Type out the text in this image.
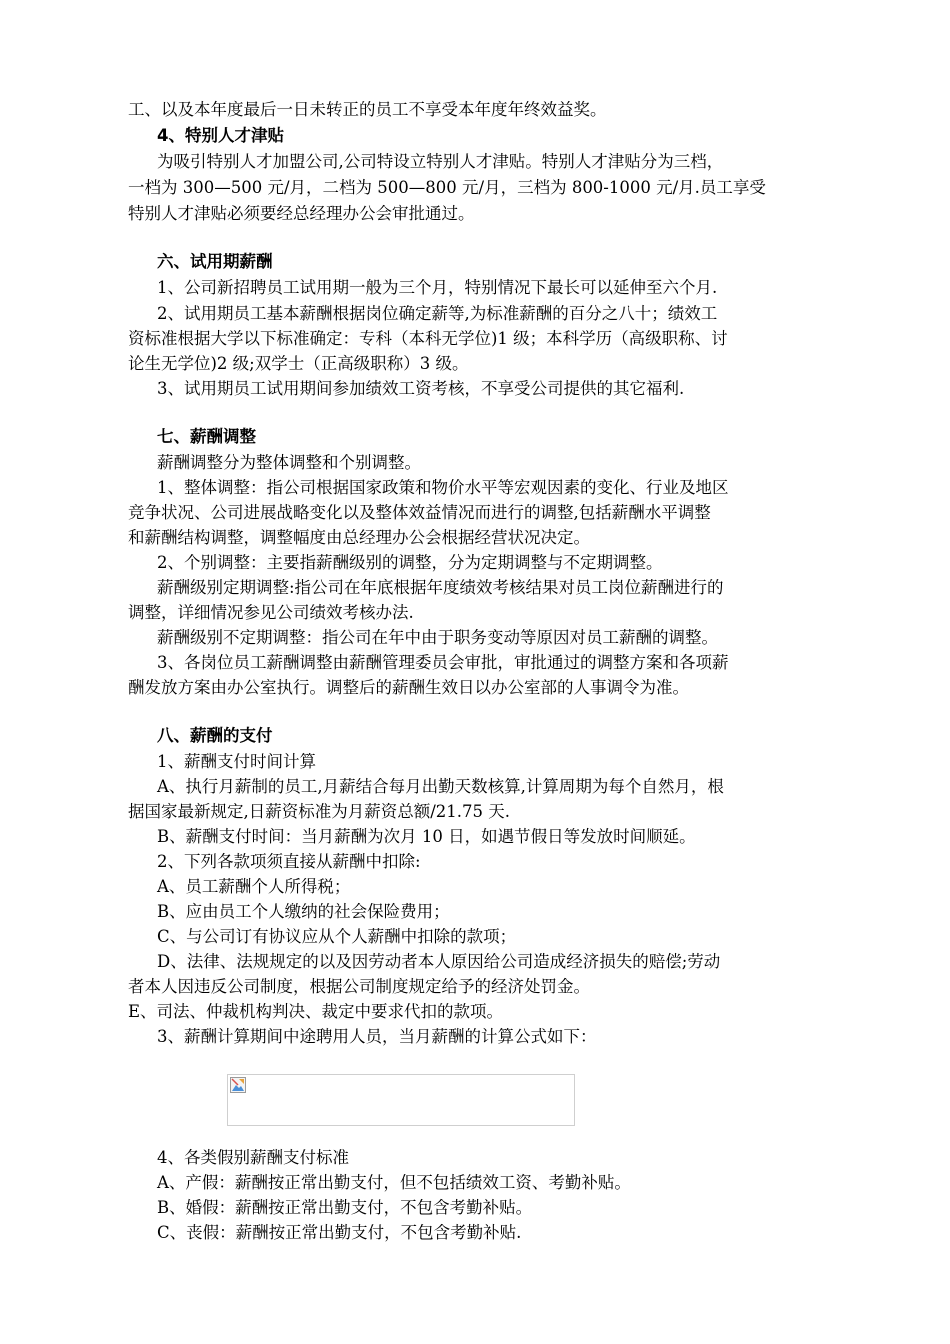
工、以及本年度最后一日未转正的员工不享受本年度年终效益奖。
4、特别人才津贴
为吸引特别人才加盟公司,公司特设立特别人才津贴。特别人才津贴分为三档，
一档为 300—500 元/月，二档为 500—800 元/月，三档为 800-1000 元/月.员工享受
特别人才津贴必须要经总经理办公会审批通过。
六、试用期薪酬
1、公司新招聘员工试用期一般为三个月，特别情况下最长可以延伸至六个月.
2、试用期员工基本薪酬根据岗位确定薪等,为标准薪酬的百分之八十；绩效工
资标准根据大学以下标准确定：专科（本科无学位)1 级；本科学历（高级职称、讨
论生无学位)2 级;双学士（正高级职称）3 级。
3、试用期员工试用期间参加绩效工资考核，不享受公司提供的其它福利.
七、薪酬调整
薪酬调整分为整体调整和个别调整。
1、整体调整：指公司根据国家政策和物价水平等宏观因素的变化、行业及地区
竞争状况、公司进展战略变化以及整体效益情况而进行的调整,包括薪酬水平调整
和薪酬结构调整，调整幅度由总经理办公会根据经营状况决定。
2、个别调整：主要指薪酬级别的调整，分为定期调整与不定期调整。
薪酬级别定期调整:指公司在年底根据年度绩效考核结果对员工岗位薪酬进行的
调整，详细情况参见公司绩效考核办法.
薪酬级别不定期调整：指公司在年中由于职务变动等原因对员工薪酬的调整。
3、各岗位员工薪酬调整由薪酬管理委员会审批，审批通过的调整方案和各项薪
酬发放方案由办公室执行。调整后的薪酬生效日以办公室部的人事调令为准。
八、薪酬的支付
1、薪酬支付时间计算
A、执行月薪制的员工,月薪结合每月出勤天数核算,计算周期为每个自然月，根
据国家最新规定,日薪资标准为月薪资总额/21.75 天.
B、薪酬支付时间：当月薪酬为次月 10 日，如遇节假日等发放时间顺延。
2、下列各款项须直接从薪酬中扣除:
A、员工薪酬个人所得税；
B、应由员工个人缴纳的社会保险费用；
C、与公司订有协议应从个人薪酬中扣除的款项；
D、法律、法规规定的以及因劳动者本人原因给公司造成经济损失的赔偿;劳动
者本人因违反公司制度，根据公司制度规定给予的经济处罚金。
E、司法、仲裁机构判决、裁定中要求代扣的款项。
3、薪酬计算期间中途聘用人员，当月薪酬的计算公式如下：
4、各类假别薪酬支付标准
A、产假：薪酬按正常出勤支付，但不包括绩效工资、考勤补贴。
B、婚假：薪酬按正常出勤支付，不包含考勤补贴。
C、丧假：薪酬按正常出勤支付，不包含考勤补贴.
